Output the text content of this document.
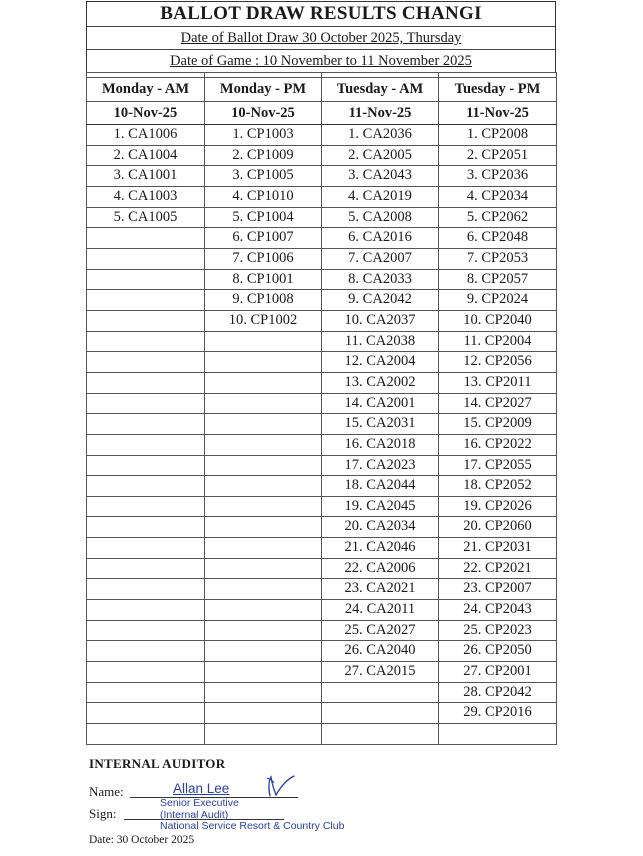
BALLOT DRAW RESULTS CHANGI
Date of Ballot Draw 30 October 2025, Thursday
Date of Game : 10 November to 11 November 2025

Monday - AM	Monday - PM	Tuesday - AM	Tuesday - PM
10-Nov-25	10-Nov-25	11-Nov-25	11-Nov-25
1. CA1006	1. CP1003	1. CA2036	1. CP2008
2. CA1004	2. CP1009	2. CA2005	2. CP2051
3. CA1001	3. CP1005	3. CA2043	3. CP2036
4. CA1003	4. CP1010	4. CA2019	4. CP2034
5. CA1005	5. CP1004	5. CA2008	5. CP2062
	6. CP1007	6. CA2016	6. CP2048
	7. CP1006	7. CA2007	7. CP2053
	8. CP1001	8. CA2033	8. CP2057
	9. CP1008	9. CA2042	9. CP2024
	10. CP1002	10. CA2037	10. CP2040
		11. CA2038	11. CP2004
		12. CA2004	12. CP2056
		13. CA2002	13. CP2011
		14. CA2001	14. CP2027
		15. CA2031	15. CP2009
		16. CA2018	16. CP2022
		17. CA2023	17. CP2055
		18. CA2044	18. CP2052
		19. CA2045	19. CP2026
		20. CA2034	20. CP2060
		21. CA2046	21. CP2031
		22. CA2006	22. CP2021
		23. CA2021	23. CP2007
		24. CA2011	24. CP2043
		25. CA2027	25. CP2023
		26. CA2040	26. CP2050
		27. CA2015	27. CP2001
			28. CP2042
			29. CP2016

INTERNAL AUDITOR
Name:	Allan Lee
Senior Executive
Sign:	(Internal Audit)
National Service Resort & Country Club
Date: 30 October 2025
